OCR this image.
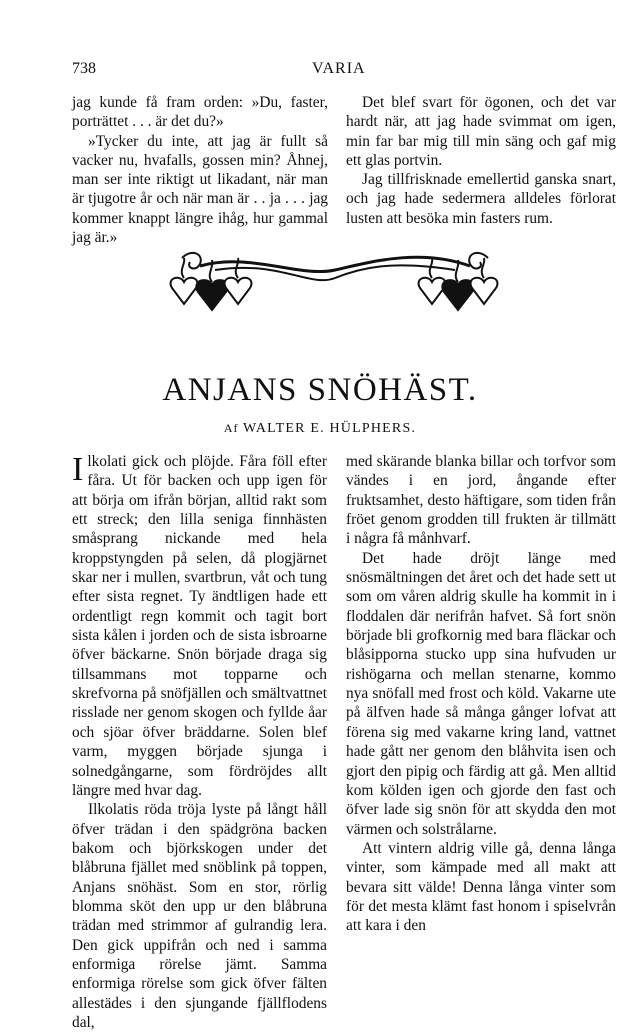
738	VARIA

jag kunde få fram orden: »Du, faster, porträttet . . . är det du?»

»Tycker du inte, att jag är fullt så vacker nu, hvafalls, gossen min? Åhnej, man ser inte riktigt ut likadant, när man är tjugotre år och när man är . . ja . . . jag kommer knappt längre ihåg, hur gammal jag är.»

Det blef svart för ögonen, och det var hardt när, att jag hade svimmat om igen, min far bar mig till min säng och gaf mig ett glas portvin.

Jag tillfrisknade emellertid ganska snart, och jag hade sedermera alldeles förlorat lusten att besöka min fasters rum.

ANJANS SNÖHÄST.
Af WALTER E. HÜLPHERS.

Ilkolati gick och plöjde. Fåra föll efter fåra. Ut för backen och upp igen för att börja om ifrån början, alltid rakt som ett streck; den lilla seniga finnhästen småsprang nickande med hela kroppstyngden på selen, då plogjärnet skar ner i mullen, svartbrun, våt och tung efter sista regnet. Ty ändtligen hade ett ordentligt regn kommit och tagit bort sista kålen i jorden och de sista isbroarne öfver bäckarne. Snön började draga sig tillsammans mot topparne och skrefvorna på snöfjällen och smältvattnet risslade ner genom skogen och fyllde åar och sjöar öfver bräddarne. Solen blef varm, myggen började sjunga i solnedgångarne, som fördröjdes allt längre med hvar dag.

Ilkolatis röda tröja lyste på långt håll öfver trädan i den spädgröna backen bakom och björkskogen under det blåbruna fjället med snöblink på toppen, Anjans snöhäst. Som en stor, rörlig blomma sköt den upp ur den blåbruna trädan med strimmor af gulrandig lera. Den gick uppifrån och ned i samma enformiga rörelse jämt. Samma enformiga rörelse som gick öfver fälten allestädes i den sjungande fjällflodens dal,

med skärande blanka billar och torfvor som vändes i en jord, ångande efter fruktsamhet, desto häftigare, som tiden från fröet genom grodden till frukten är tillmätt i några få månhvarf.

Det hade dröjt länge med snösmältningen det året och det hade sett ut som om våren aldrig skulle ha kommit in i floddalen där nerifrån hafvet. Så fort snön började bli grofkornig med bara fläckar och blåsipporna stucko upp sina hufvuden ur rishögarna och mellan stenarne, kommo nya snöfall med frost och köld. Vakarne ute på älfven hade så många gånger lofvat att förena sig med vakarne kring land, vattnet hade gått ner genom den blåhvita isen och gjort den pipig och färdig att gå. Men alltid kom kölden igen och gjorde den fast och öfver lade sig snön för att skydda den mot värmen och solstrålarne.

Att vintern aldrig ville gå, denna långa vinter, som kämpade med all makt att bevara sitt välde! Denna långa vinter som för det mesta klämt fast honom i spiselvrån att kara i den
